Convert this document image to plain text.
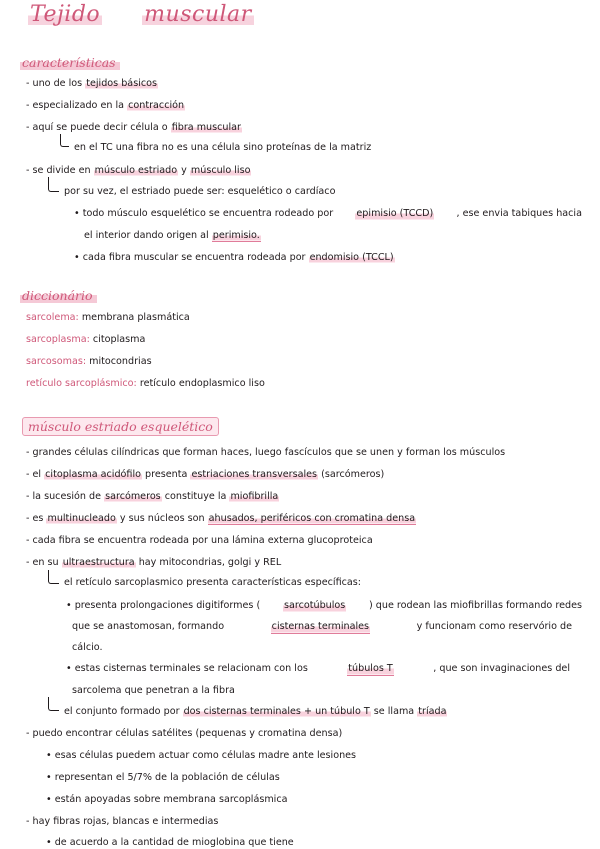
Tejido muscular
características
- uno de los tejidos básicos
- especializado en la contracción
- aquí se puede decir célula o fibra muscular
en el TC una fibra no es una célula sino proteínas de la matriz
- se divide en músculo estriado y músculo liso
por su vez, el estriado puede ser: esquelético o cardíaco
• todo músculo esquelético se encuentra rodeado por epimisio (TCCD) , ese envia tabiques hacia
el interior dando origen al perimisio.
• cada fibra muscular se encuentra rodeada por endomisio (TCCL)
diccionário
sarcolema: membrana plasmática
sarcoplasma: citoplasma
sarcosomas: mitocondrias
retículo sarcoplásmico: retículo endoplasmico liso
músculo estriado esquelético
- grandes células cilíndricas que forman haces, luego fascículos que se unen y forman los músculos
- el citoplasma acidófilo presenta estriaciones transversales (sarcómeros)
- la sucesión de sarcómeros constituye la miofibrilla
- es multinucleado y sus núcleos son ahusados, periféricos con cromatina densa
- cada fibra se encuentra rodeada por una lámina externa glucoproteica
- en su ultraestructura hay mitocondrias, golgi y REL
el retículo sarcoplasmico presenta características específicas:
• presenta prolongaciones digitiformes ( sarcotúbulos ) que rodean las miofibrillas formando redes
que se anastomosan, formando	cisternas terminales	y funcionam como reservório de
cálcio.
• estas cisternas terminales se relacionam con los	túbulos T	, que son invaginaciones del
sarcolema que penetran a la fibra
el conjunto formado por dos cisternas terminales + un túbulo T se llama tríada
- puedo encontrar células satélites (pequenas y cromatina densa)
• esas células puedem actuar como células madre ante lesiones
• representan el 5/7% de la población de células
• están apoyadas sobre membrana sarcoplásmica
- hay fibras rojas, blancas e intermedias
• de acuerdo a la cantidad de mioglobina que tiene
